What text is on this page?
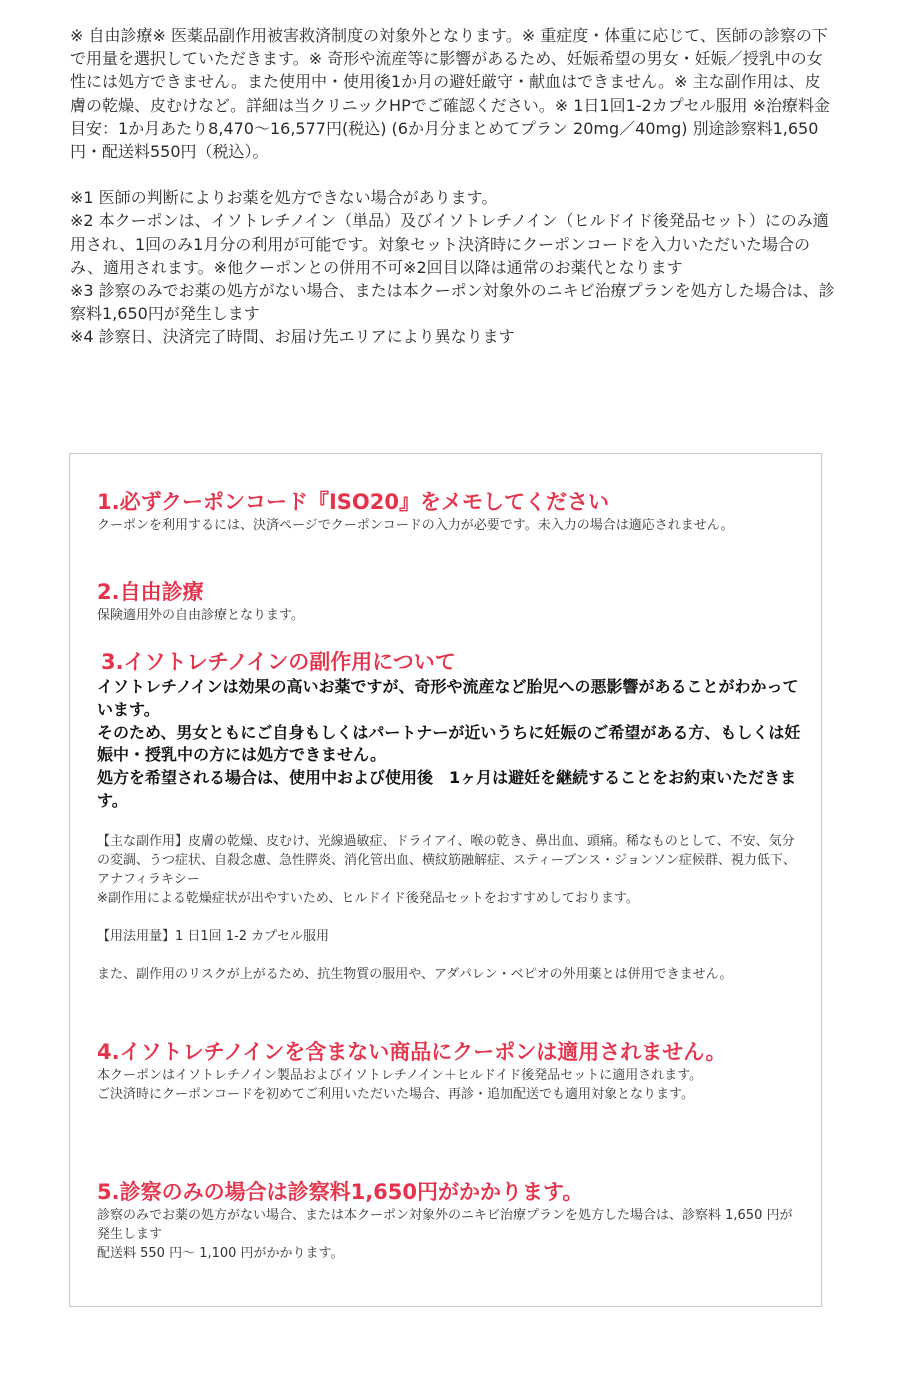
※ 自由診療※ 医薬品副作用被害救済制度の対象外となります。※ 重症度・体重に応じて、医師の診察の下で用量を選択していただきます。※ 奇形や流産等に影響があるため、妊娠希望の男女・妊娠／授乳中の女性には処方できません。また使用中・使用後1か月の避妊厳守・献血はできません。※ 主な副作用は、皮膚の乾燥、皮むけなど。詳細は当クリニックHPでご確認ください。※ 1日1回1-2カプセル服用 ※治療料金目安：1か月あたり8,470〜16,577円(税込) (6か月分まとめてプラン 20mg／40mg) 別途診察料1,650円・配送料550円（税込）。

※1 医師の判断によりお薬を処方できない場合があります。

※2 本クーポンは、イソトレチノイン（単品）及びイソトレチノイン（ヒルドイド後発品セット）にのみ適用され、1回のみ1月分の利用が可能です。対象セット決済時にクーポンコードを入力いただいた場合のみ、適用されます。※他クーポンとの併用不可※2回目以降は通常のお薬代となります

※3 診察のみでお薬の処方がない場合、または本クーポン対象外のニキビ治療プランを処方した場合は、診察料1,650円が発生します

※4 診察日、決済完了時間、お届け先エリアにより異なります

1.必ずクーポンコード『ISO20』をメモしてください

クーポンを利用するには、決済ページでクーポンコードの入力が必要です。未入力の場合は適応されません。

2.自由診療

保険適用外の自由診療となります。

3.イソトレチノインの副作用について

イソトレチノインは効果の高いお薬ですが、奇形や流産など胎児への悪影響があることがわかっています。

そのため、男女ともにご自身もしくはパートナーが近いうちに妊娠のご希望がある方、もしくは妊娠中・授乳中の方には処方できません。

処方を希望される場合は、使用中および使用後　1ヶ月は避妊を継続することをお約束いただきます。

【主な副作用】皮膚の乾燥、皮むけ、光線過敏症、ドライアイ、喉の乾き、鼻出血、頭痛。稀なものとして、不安、気分の変調、うつ症状、自殺念慮、急性膵炎、消化管出血、横紋筋融解症、スティーブンス・ジョンソン症候群、視力低下、アナフィラキシー

※副作用による乾燥症状が出やすいため、ヒルドイド後発品セットをおすすめしております。

【用法用量】1 日1回 1-2 カプセル服用

また、副作用のリスクが上がるため、抗生物質の服用や、アダパレン・ベピオの外用薬とは併用できません。

4.イソトレチノインを含まない商品にクーポンは適用されません。

本クーポンはイソトレチノイン製品およびイソトレチノイン＋ヒルドイド後発品セットに適用されます。

ご決済時にクーポンコードを初めてご利用いただいた場合、再診・追加配送でも適用対象となります。

5.診察のみの場合は診察料1,650円がかかります。

診察のみでお薬の処方がない場合、または本クーポン対象外のニキビ治療プランを処方した場合は、診察料 1,650 円が発生します

配送料 550 円〜 1,100 円がかかります。
